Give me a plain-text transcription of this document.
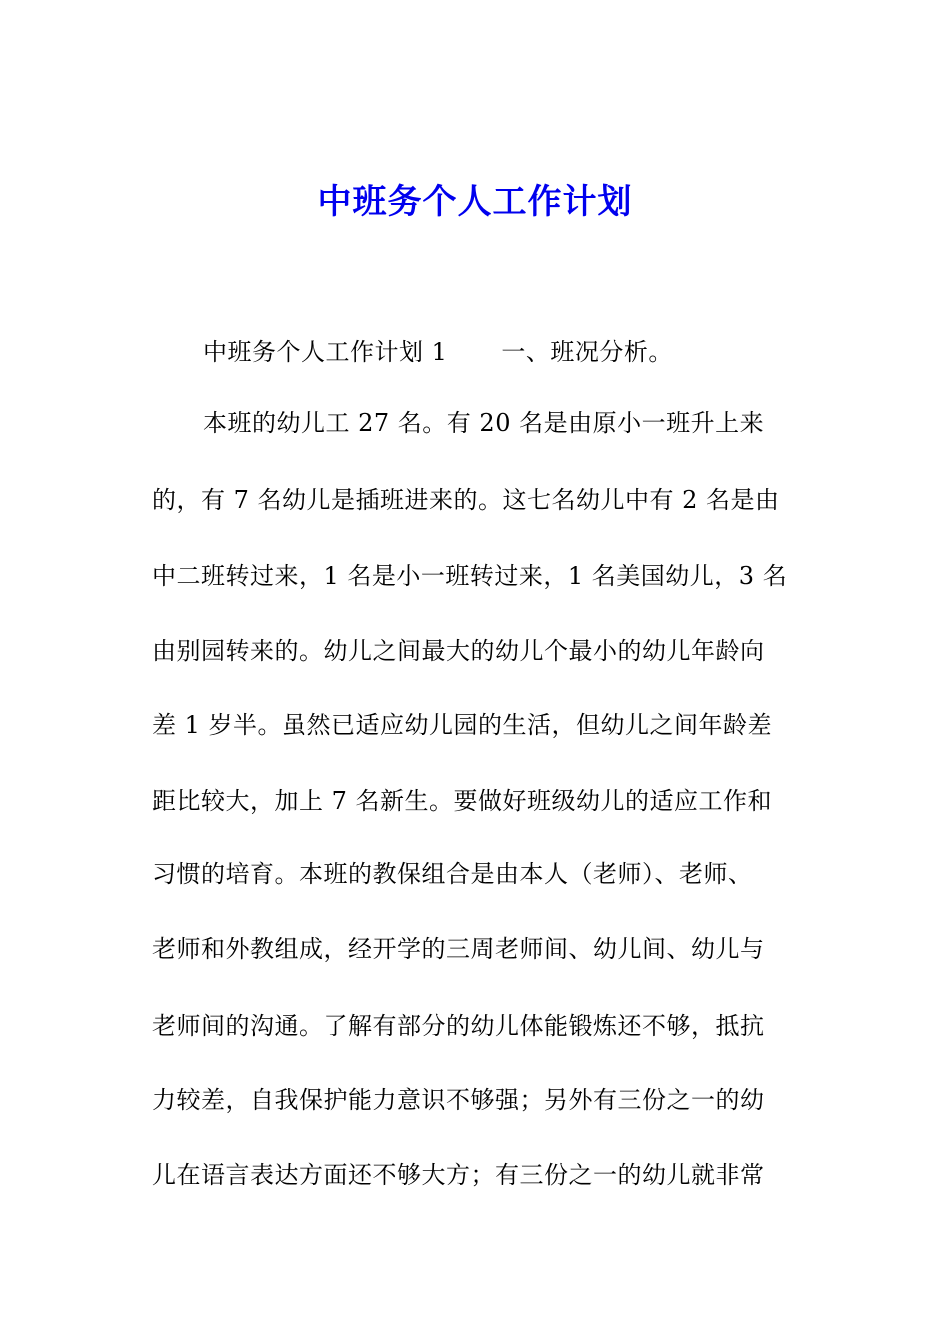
中班务个人工作计划

中班务个人工作计划 1 一、班况分析。

本班的幼儿工 27 名。有 20 名是由原小一班升上来

的，有 7 名幼儿是插班进来的。这七名幼儿中有 2 名是由

中二班转过来，1 名是小一班转过来，1 名美国幼儿，3 名

由别园转来的。幼儿之间最大的幼儿个最小的幼儿年龄向

差 1 岁半。虽然已适应幼儿园的生活，但幼儿之间年龄差

距比较大，加上 7 名新生。要做好班级幼儿的适应工作和

习惯的培育。本班的教保组合是由本人（老师）、老师、

老师和外教组成，经开学的三周老师间、幼儿间、幼儿与

老师间的沟通。了解有部分的幼儿体能锻炼还不够，抵抗

力较差，自我保护能力意识不够强；另外有三份之一的幼

儿在语言表达方面还不够大方；有三份之一的幼儿就非常
